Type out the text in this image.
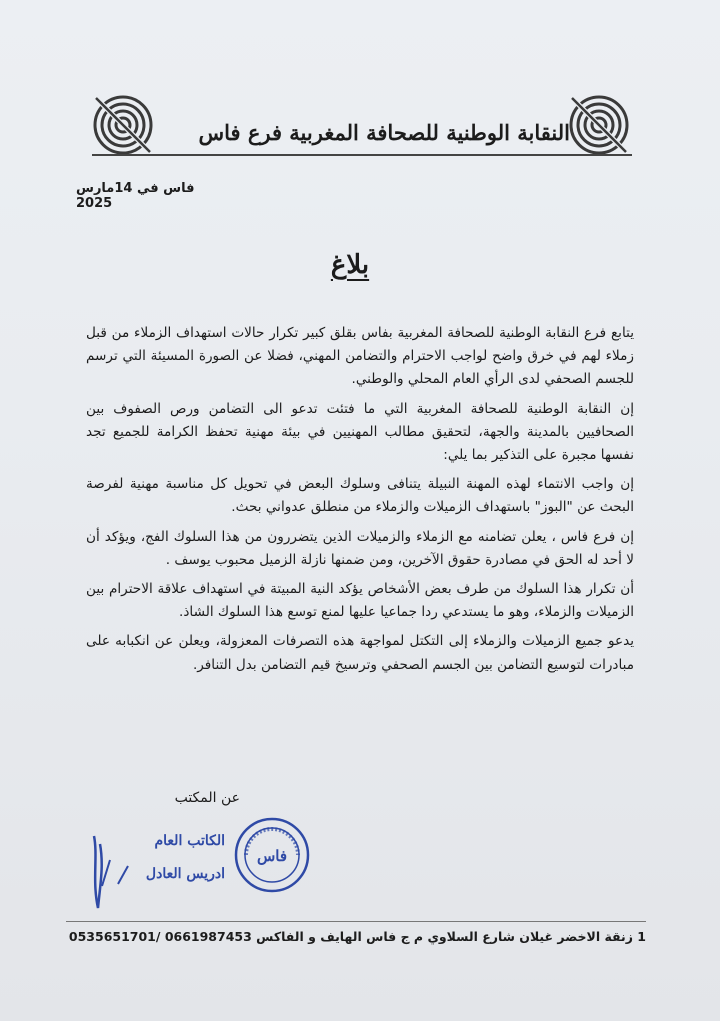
النقابة الوطنية للصحافة المغربية فرع فاس
فاس في 14مارس 2025
بلاغ

يتابع فرع النقابة الوطنية للصحافة المغربية بفاس بقلق كبير تكرار حالات استهداف الزملاء من قبل زملاء لهم في خرق واضح لواجب الاحترام والتضامن المهني، فضلا عن الصورة المسيئة التي ترسم للجسم الصحفي لدى الرأي العام المحلي والوطني.

إن النقابة الوطنية للصحافة المغربية التي ما فتئت تدعو الى التضامن ورص الصفوف بين الصحافيين بالمدينة والجهة، لتحقيق مطالب المهنيين في بيئة مهنية تحفظ الكرامة للجميع تجد نفسها مجبرة على التذكير بما يلي:

إن واجب الانتماء لهذه المهنة النبيلة يتنافى وسلوك البعض في تحويل كل مناسبة مهنية لفرصة البحث عن "البوز" باستهداف الزميلات والزملاء من منطلق عدواني بحث.

إن فرع فاس ، يعلن تضامنه مع الزملاء والزميلات الذين يتضررون من هذا السلوك الفج، ويؤكد أن لا أحد له الحق في مصادرة حقوق الآخرين، ومن ضمنها نازلة الزميل محبوب يوسف .

أن تكرار هذا السلوك من طرف بعض الأشخاص يؤكد النية المبيتة في استهداف علاقة الاحترام بين الزميلات والزملاء، وهو ما يستدعي ردا جماعيا عليها لمنع توسع هذا السلوك الشاذ.

يدعو جميع الزميلات والزملاء إلى التكتل لمواجهة هذه التصرفات المعزولة، ويعلن عن انكبابه على مبادرات لتوسيع التضامن بين الجسم الصحفي وترسيخ قيم التضامن بدل التنافر.

عن المكتب
فاس
الكاتب العام
ادريس العادل
1 زنقة الاخضر غيلان شارع السلاوي م ج فاس الهايف و الفاكس 0661987453 /0535651701
